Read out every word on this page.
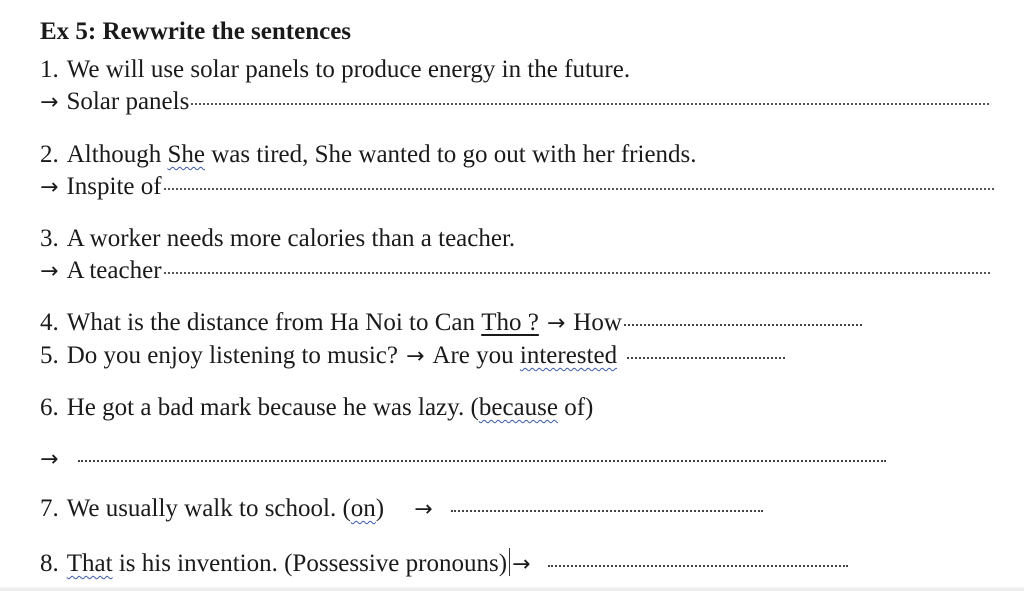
Ex 5: Rewwrite the sentences
1. We will use solar panels to produce energy in the future.
→ Solar panels
2. Although She was tired, She wanted to go out with her friends.
→ Inspite of
3. A worker needs more calories than a teacher.
→ A teacher
4. What is the distance from Ha Noi to Can Tho ? → How
5. Do you enjoy listening to music? → Are you interested
6. He got a bad mark because he was lazy. ( because of)
→
7. We usually walk to school. ( on ) →
8. That is his invention. (Possessive pronouns) →
